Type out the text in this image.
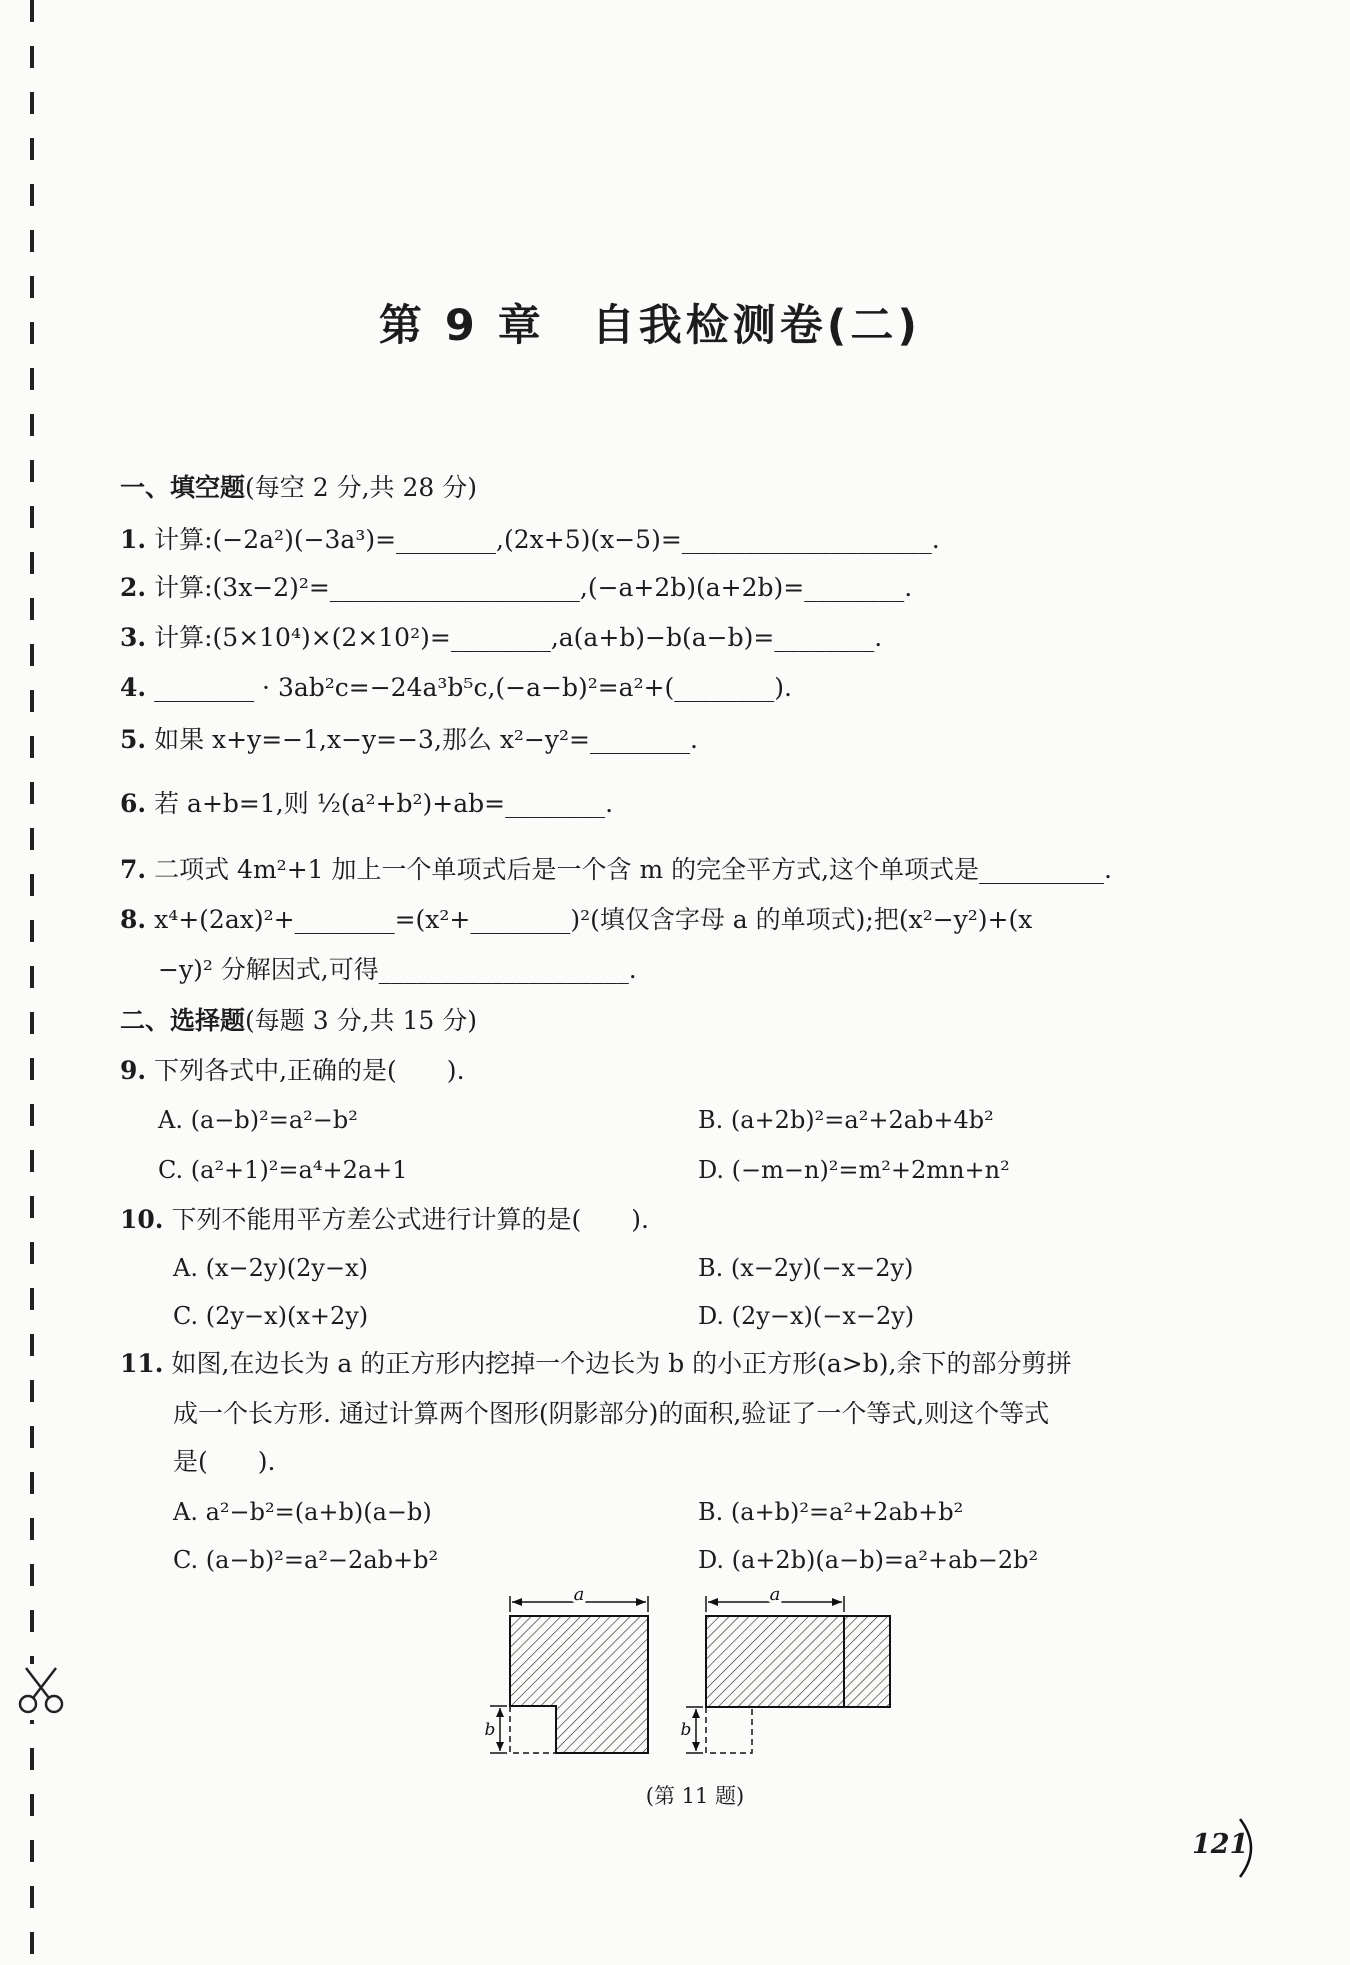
第 9 章　自我检测卷(二)
一、填空题(每空 2 分,共 28 分)
1. 计算:(−2a²)(−3a³)=________,(2x+5)(x−5)=____________________.
2. 计算:(3x−2)²=____________________,(−a+2b)(a+2b)=________.
3. 计算:(5×10⁴)×(2×10²)=________,a(a+b)−b(a−b)=________.
4. ________ · 3ab²c=−24a³b⁵c,(−a−b)²=a²+(________).
5. 如果 x+y=−1,x−y=−3,那么 x²−y²=________.
6. 若 a+b=1,则 ½(a²+b²)+ab=________.
7. 二项式 4m²+1 加上一个单项式后是一个含 m 的完全平方式,这个单项式是__________.
8. x⁴+(2ax)²+________=(x²+________)²(填仅含字母 a 的单项式);把(x²−y²)+(x
−y)² 分解因式,可得____________________.
二、选择题(每题 3 分,共 15 分)
9. 下列各式中,正确的是(　　).
A. (a−b)²=a²−b²	B. (a+2b)²=a²+2ab+4b²
C. (a²+1)²=a⁴+2a+1	D. (−m−n)²=m²+2mn+n²
10. 下列不能用平方差公式进行计算的是(　　).
A. (x−2y)(2y−x)	B. (x−2y)(−x−2y)
C. (2y−x)(x+2y)	D. (2y−x)(−x−2y)
11. 如图,在边长为 a 的正方形内挖掉一个边长为 b 的小正方形(a>b),余下的部分剪拼
成一个长方形. 通过计算两个图形(阴影部分)的面积,验证了一个等式,则这个等式
是(　　).
A. a²−b²=(a+b)(a−b)	B. (a+b)²=a²+2ab+b²
C. (a−b)²=a²−2ab+b²	D. (a+2b)(a−b)=a²+ab−2b²
a
b
a
b
(第 11 题)
121
